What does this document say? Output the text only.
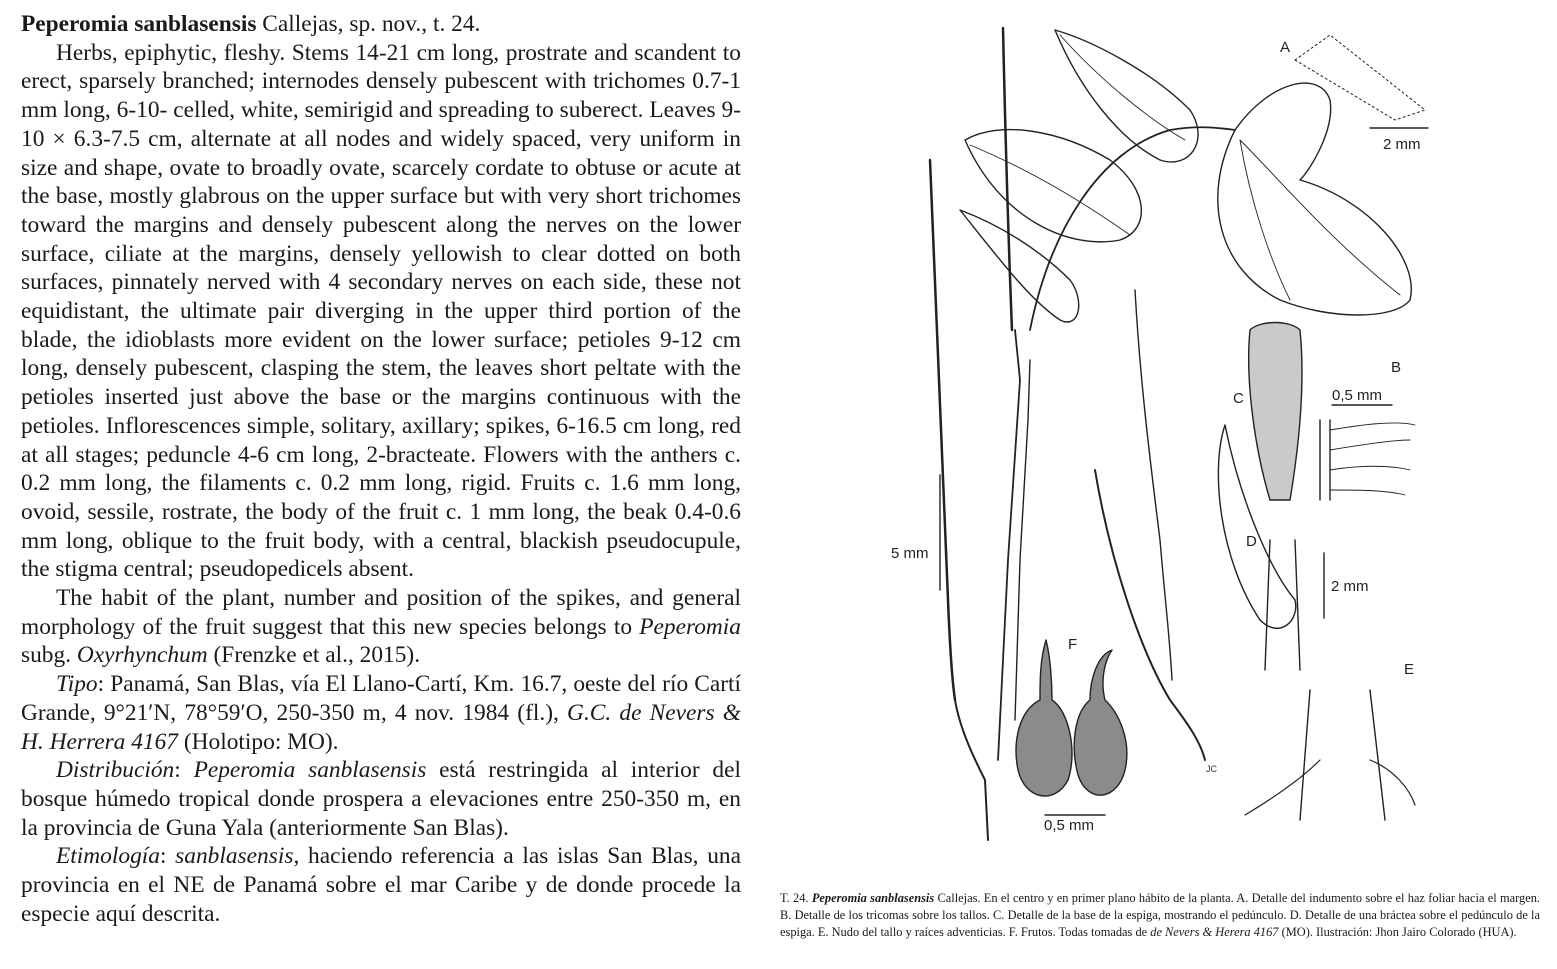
Peperomia sanblasensis Callejas, sp. nov., t. 24.

Herbs, epiphytic, fleshy. Stems 14-21 cm long, prostrate and scandent to erect, sparsely branched; internodes densely pubescent with trichomes 0.7-1 mm long, 6-10- celled, white, semirigid and spreading to suberect. Leaves 9-10 × 6.3-7.5 cm, alternate at all nodes and widely spaced, very uniform in size and shape, ovate to broadly ovate, scarcely cordate to obtuse or acute at the base, mostly glabrous on the upper surface but with very short trichomes toward the margins and densely pubescent along the nerves on the lower surface, ciliate at the margins, densely yellowish to clear dotted on both surfaces, pinnately nerved with 4 secondary nerves on each side, these not equidistant, the ultimate pair diverging in the upper third portion of the blade, the idioblasts more evident on the lower surface; petioles 9-12 cm long, densely pubescent, clasping the stem, the leaves short peltate with the petioles inserted just above the base or the margins continuous with the petioles. Inflorescences simple, solitary, axillary; spikes, 6-16.5 cm long, red at all stages; peduncle 4-6 cm long, 2-bracteate. Flowers with the anthers c. 0.2 mm long, the filaments c. 0.2 mm long, rigid. Fruits c. 1.6 mm long, ovoid, sessile, rostrate, the body of the fruit c. 1 mm long, the beak 0.4-0.6 mm long, oblique to the fruit body, with a central, blackish pseudocupule, the stigma central; pseudopedicels absent.

The habit of the plant, number and position of the spikes, and general morphology of the fruit suggest that this new species belongs to Peperomia subg. Oxyrhynchum (Frenzke et al., 2015).

Tipo: Panamá, San Blas, vía El Llano-Cartí, Km. 16.7, oeste del río Cartí Grande, 9°21′N, 78°59′O, 250-350 m, 4 nov. 1984 (fl.), G.C. de Nevers & H. Herrera 4167 (Holotipo: MO).

Distribución: Peperomia sanblasensis está restringida al interior del bosque húmedo tropical donde prospera a elevaciones entre 250-350 m, en la provincia de Guna Yala (anteriormente San Blas).

Etimología: sanblasensis, haciendo referencia a las islas San Blas, una provincia en el NE de Panamá sobre el mar Caribe y de donde procede la especie aquí descrita.

A
B
C
D
E
F
2 mm
0,5 mm
5 mm
2 mm
0,5 mm
JC
T. 24. Peperomia sanblasensis Callejas. En el centro y en primer plano hábito de la planta. A. Detalle del indumento sobre el haz foliar hacia el margen. B. Detalle de los tricomas sobre los tallos. C. Detalle de la base de la espiga, mostrando el pedúnculo. D. Detalle de una bráctea sobre el pedúnculo de la espiga. E. Nudo del tallo y raíces adventicias. F. Frutos. Todas tomadas de de Nevers & Herera 4167 (MO). Ilustración: Jhon Jairo Colorado (HUA).
